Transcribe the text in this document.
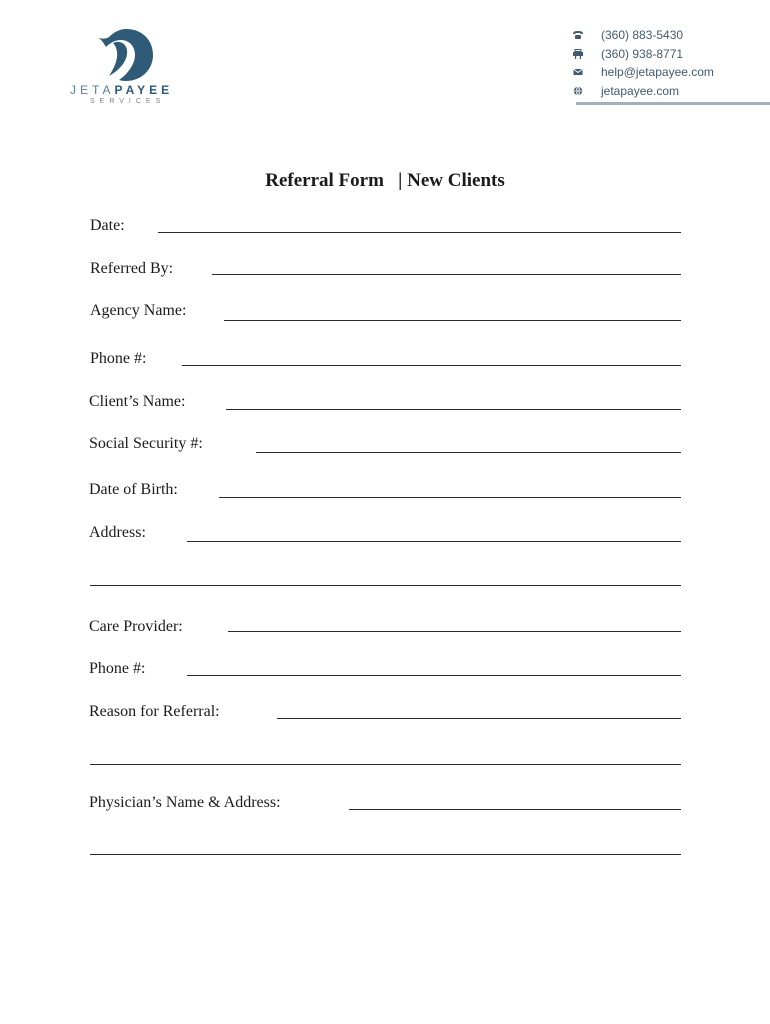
JETAPAYEE
SERVICES
(360) 883-5430
(360) 938-8771
help@jetapayee.com
jetapayee.com
Referral Form   | New Clients
Date:
Referred By:
Agency Name:
Phone #:
Client’s Name:
Social Security #:
Date of Birth:
Address:
Care Provider:
Phone #:
Reason for Referral:
Physician’s Name & Address:
